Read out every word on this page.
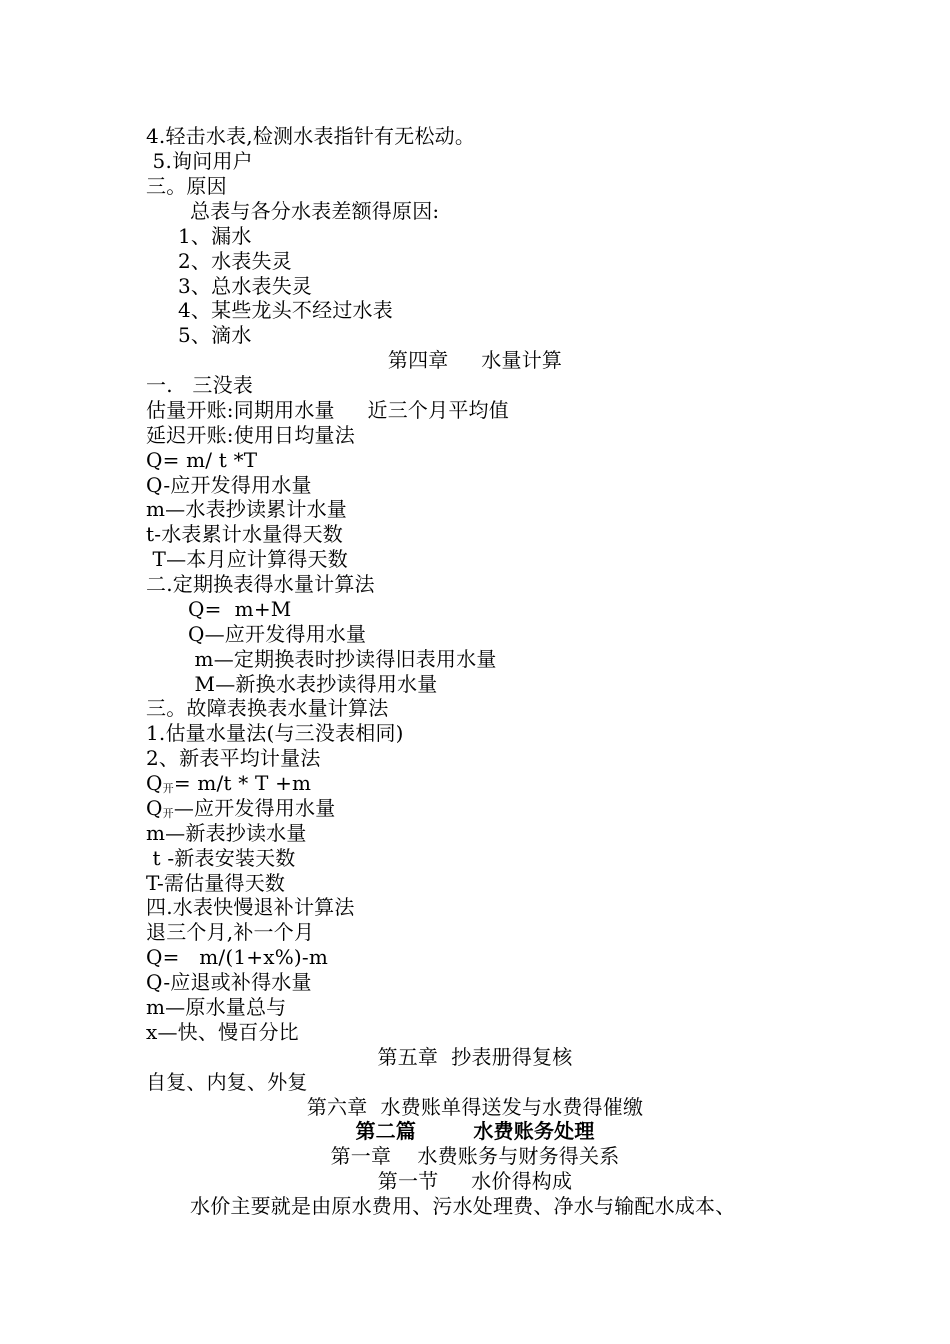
4.轻击水表,检测水表指针有无松动。
5.询问用户
三。原因
总表与各分水表差额得原因:
1、漏水
2、水表失灵
3、总水表失灵
4、某些龙头不经过水表
5、滴水
第四章     水量计算
一.   三没表
估量开账:同期用水量     近三个月平均值
延迟开账:使用日均量法
Q= m/ t *T
Q-应开发得用水量
m—水表抄读累计水量
t-水表累计水量得天数
T—本月应计算得天数
二.定期换表得水量计算法
Q=  m+M
Q—应开发得用水量
m—定期换表时抄读得旧表用水量
M—新换水表抄读得用水量
三。故障表换表水量计算法
1.估量水量法(与三没表相同)
2、新表平均计量法
Q开= m/t * T +m
Q开—应开发得用水量
m—新表抄读水量
t -新表安装天数
T-需估量得天数
四.水表快慢退补计算法
退三个月,补一个月
Q=   m/(1+x%)-m
Q-应退或补得水量
m—原水量总与
x—快、慢百分比
第五章  抄表册得复核
自复、内复、外复
第六章  水费账单得送发与水费得催缴
第二篇        水费账务处理
第一章    水费账务与财务得关系
第一节     水价得构成
水价主要就是由原水费用、污水处理费、净水与输配水成本、
